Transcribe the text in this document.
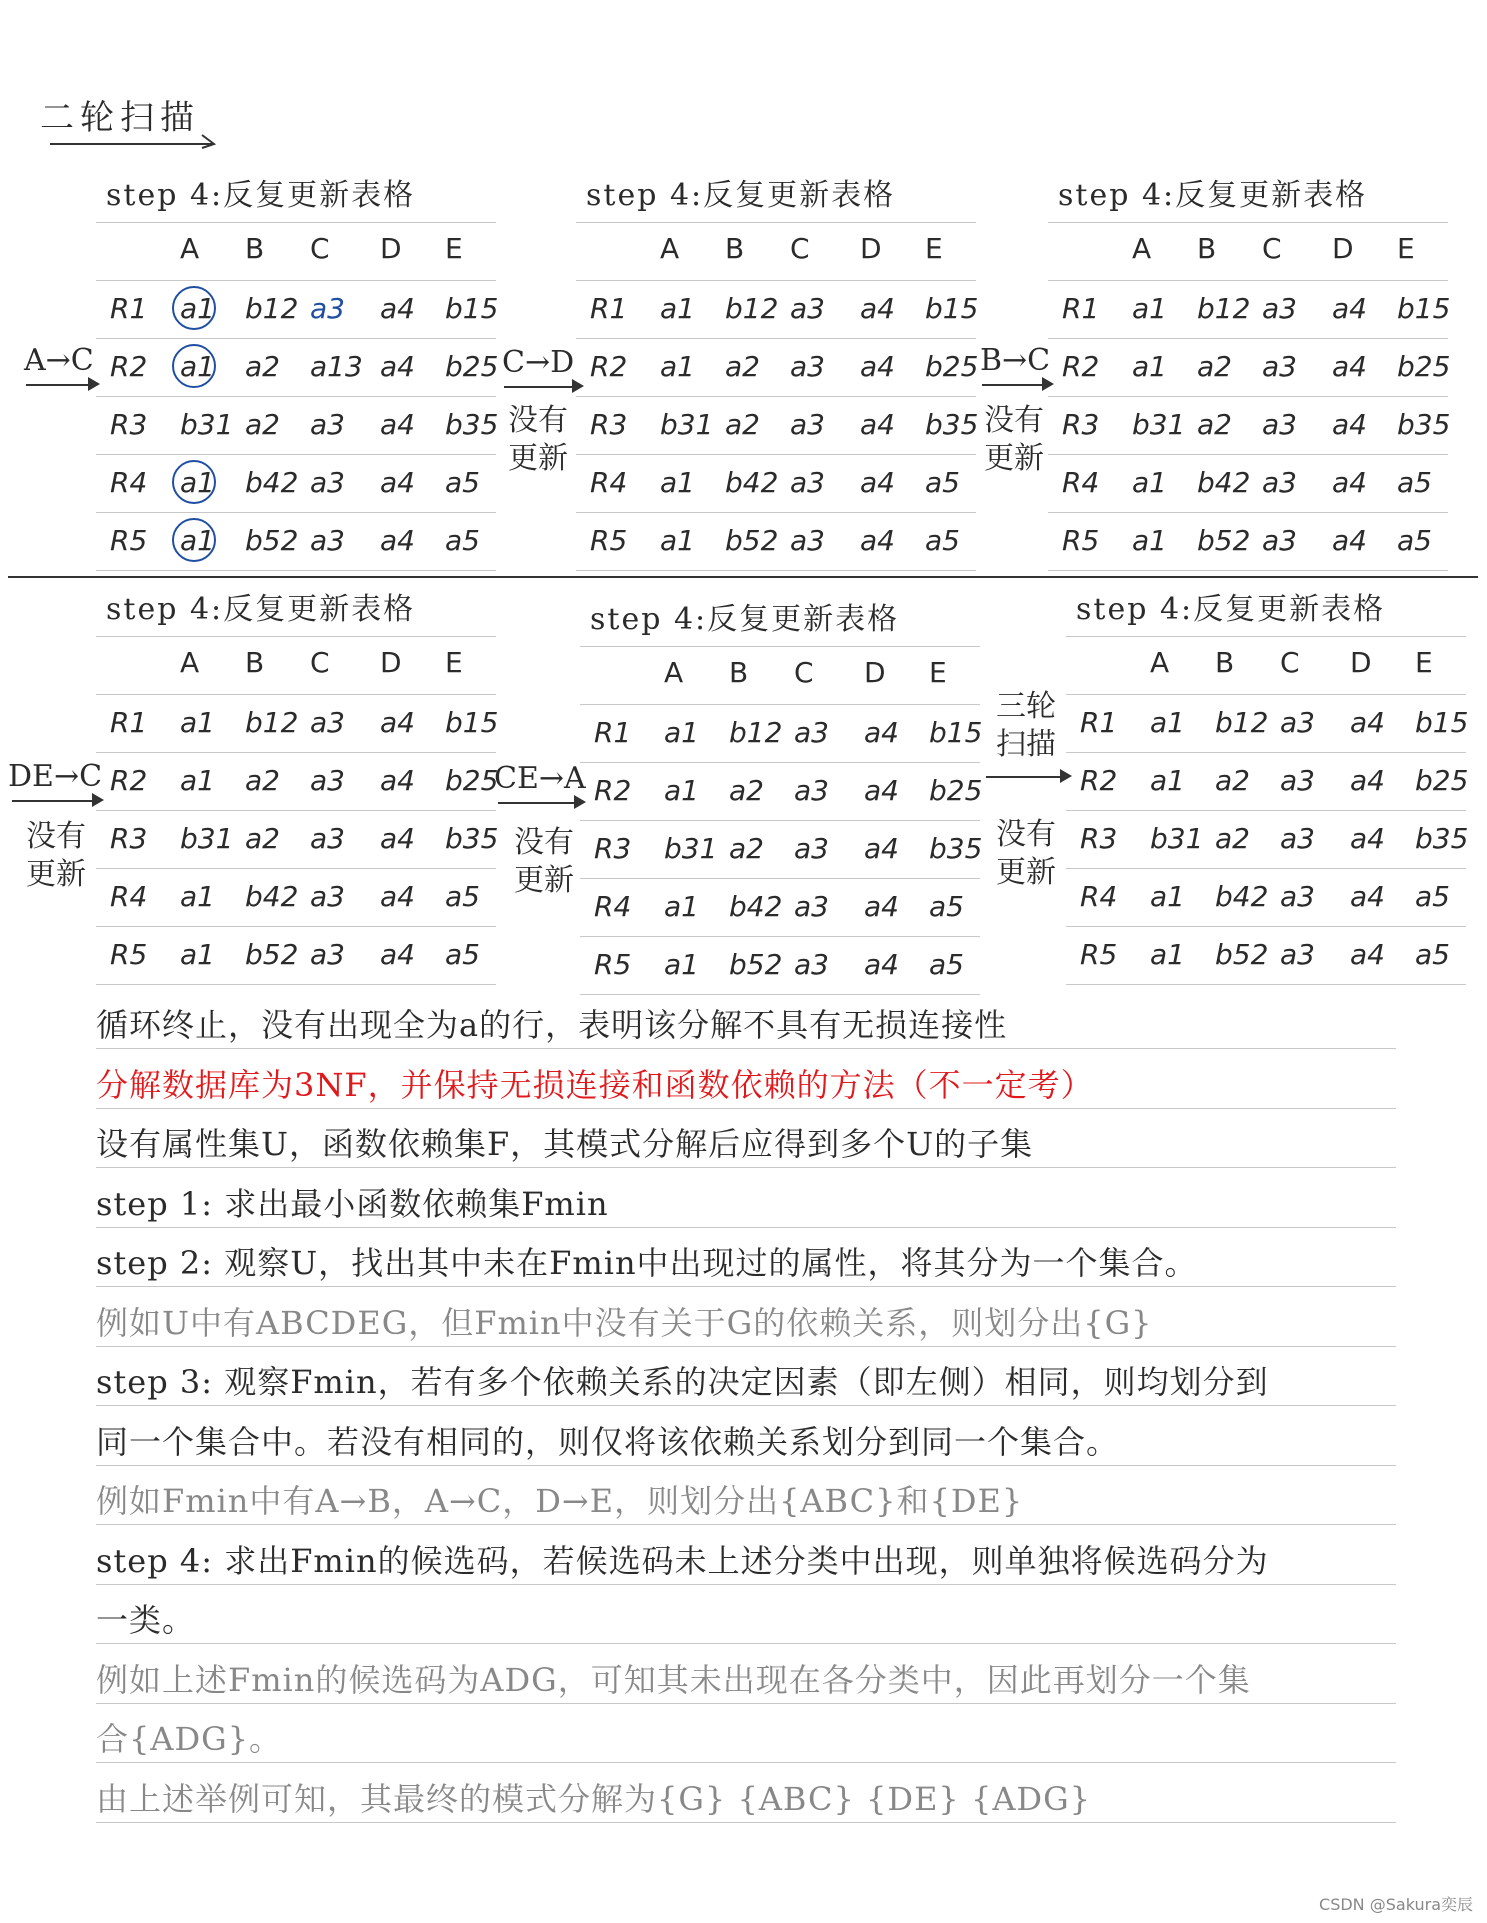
二轮扫描
step 4:反复更新表格
A B C D E
R1 a1 b12 a3 a4 b15
R2 a1 a2 a13 a4 b25
R3 b31 a2 a3 a4 b35
R4 a1 b42 a3 a4 a5
R5 a1 b52 a3 a4 a5
step 4:反复更新表格
A B C D E
R1 a1 b12 a3 a4 b15
R2 a1 a2 a3 a4 b25
R3 b31 a2 a3 a4 b35
R4 a1 b42 a3 a4 a5
R5 a1 b52 a3 a4 a5
step 4:反复更新表格
A B C D E
R1 a1 b12 a3 a4 b15
R2 a1 a2 a3 a4 b25
R3 b31 a2 a3 a4 b35
R4 a1 b42 a3 a4 a5
R5 a1 b52 a3 a4 a5
step 4:反复更新表格
A B C D E
R1 a1 b12 a3 a4 b15
R2 a1 a2 a3 a4 b25
R3 b31 a2 a3 a4 b35
R4 a1 b42 a3 a4 a5
R5 a1 b52 a3 a4 a5
step 4:反复更新表格
A B C D E
R1 a1 b12 a3 a4 b15
R2 a1 a2 a3 a4 b25
R3 b31 a2 a3 a4 b35
R4 a1 b42 a3 a4 a5
R5 a1 b52 a3 a4 a5
step 4:反复更新表格
A B C D E
R1 a1 b12 a3 a4 b15
R2 a1 a2 a3 a4 b25
R3 b31 a2 a3 a4 b35
R4 a1 b42 a3 a4 a5
R5 a1 b52 a3 a4 a5
A→C	C→D
没有更新
B→C
没有更新
DE→C
没有更新
CE→A
没有更新
三轮扫描
没有更新
循环终止，没有出现全为a的行，表明该分解不具有无损连接性
分解数据库为3NF，并保持无损连接和函数依赖的方法（不一定考）
设有属性集U，函数依赖集F，其模式分解后应得到多个U的子集
step 1: 求出最小函数依赖集Fmin
step 2: 观察U，找出其中未在Fmin中出现过的属性，将其分为一个集合。
例如U中有ABCDEG，但Fmin中没有关于G的依赖关系，则划分出{G}
step 3: 观察Fmin，若有多个依赖关系的决定因素（即左侧）相同，则均划分到
同一个集合中。若没有相同的，则仅将该依赖关系划分到同一个集合。
例如Fmin中有A→B，A→C，D→E，则划分出{ABC}和{DE}
step 4: 求出Fmin的候选码，若候选码未上述分类中出现，则单独将候选码分为
一类。
例如上述Fmin的候选码为ADG，可知其未出现在各分类中，因此再划分一个集
合{ADG}。
由上述举例可知，其最终的模式分解为{G} {ABC} {DE} {ADG}
CSDN @Sakura奕辰
